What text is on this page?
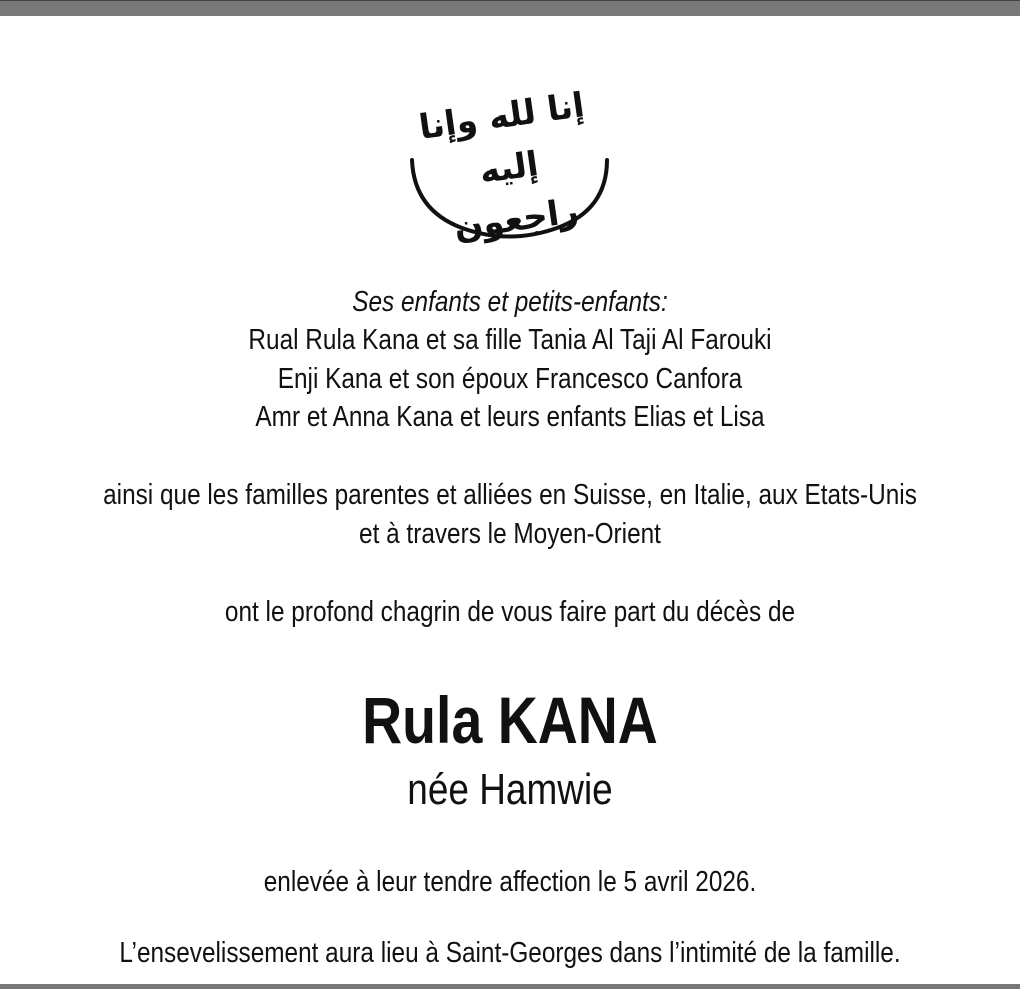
إنا لله وإنا إليه راجعون
Ses enfants et petits-enfants:
Rual Rula Kana et sa fille Tania Al Taji Al Farouki
Enji Kana et son époux Francesco Canfora
Amr et Anna Kana et leurs enfants Elias et Lisa
ainsi que les familles parentes et alliées en Suisse, en Italie, aux Etats-Unis
et à travers le Moyen-Orient
ont le profond chagrin de vous faire part du décès de
Rula KANA
née Hamwie
enlevée à leur tendre affection le 5 avril 2026.
L’ensevelissement aura lieu à Saint-Georges dans l’intimité de la famille.
